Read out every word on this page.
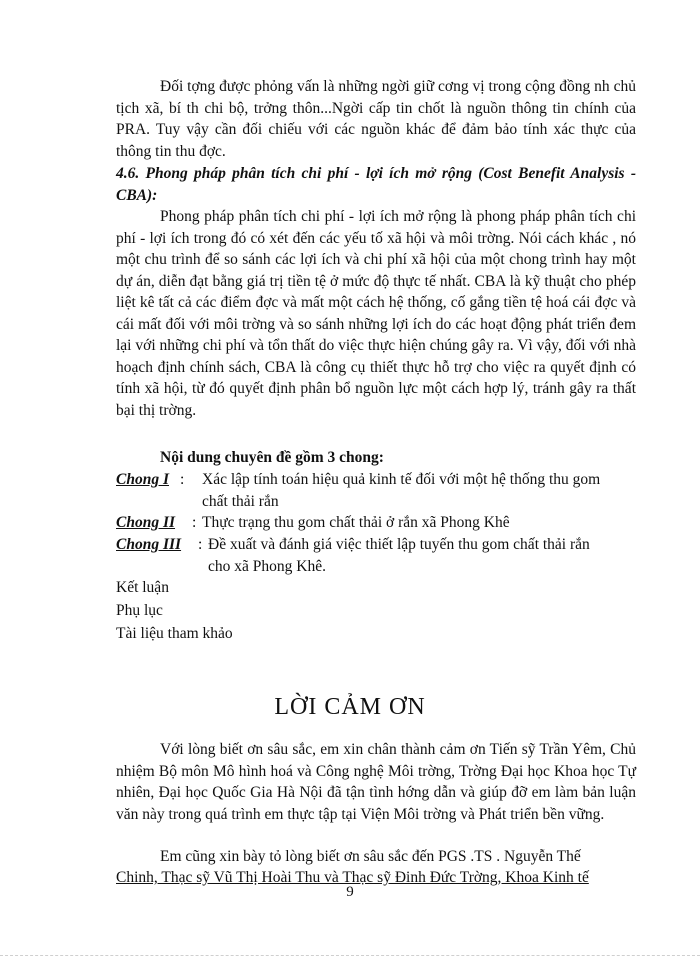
Đối tợng được phỏng vấn là những ngời giữ cơng vị trong cộng đồng nh chủ tịch xã, bí th chi bộ, trởng thôn...Ngời cấp tin chốt là nguồn thông tin chính của PRA. Tuy vậy cần đối chiếu với các nguồn khác để đảm bảo tính xác thực của thông tin thu đợc.

4.6. Phong pháp phân tích chi phí - lợi ích mở rộng (Cost Benefit Analysis - CBA):

Phong pháp phân tích chi phí - lợi ích mở rộng là phong pháp phân tích chi phí - lợi ích trong đó có xét đến các yếu tố xã hội và môi trờng. Nói cách khác , nó một chu trình để so sánh các lợi ích và chi phí xã hội của một chong trình hay một dự án, diễn đạt bằng giá trị tiền tệ ở mức độ thực tế nhất. CBA là kỹ thuật cho phép liệt kê tất cả các điểm đợc và mất một cách hệ thống, cố gắng tiền tệ hoá cái đợc và cái mất đối với môi trờng và so sánh những lợi ích do các hoạt động phát triển đem lại với những chi phí và tổn thất do việc thực hiện chúng gây ra. Vì vậy, đối với nhà hoạch định chính sách, CBA là công cụ thiết thực hỗ trợ cho việc ra quyết định có tính xã hội, từ đó quyết định phân bổ nguồn lực một cách hợp lý, tránh gây ra thất bại thị trờng.

Nội dung chuyên đề gồm 3 chong:

Chong I : Xác lập tính toán hiệu quả kinh tế đối với một hệ thống thu gom
chất thải rắn
Chong II : Thực trạng thu gom chất thải ở rắn xã Phong Khê
Chong III : Đề xuất và đánh giá việc thiết lập tuyến thu gom chất thải rắn
cho xã Phong Khê.
Kết luận
Phụ lục
Tài liệu tham khảo
LỜI CẢM ƠN

Với lòng biết ơn sâu sắc, em xin chân thành cảm ơn Tiến sỹ Trần Yêm, Chủ nhiệm Bộ môn Mô hình hoá và Công nghệ Môi trờng, Trờng Đại học Khoa học Tự nhiên, Đại học Quốc Gia Hà Nội đã tận tình hớng dẫn và giúp đỡ em làm bản luận văn này trong quá trình em thực tập tại Viện Môi trờng và Phát triển bền vững.

Em cũng xin bày tỏ lòng biết ơn sâu sắc đến PGS .TS . Nguyễn Thế
Chinh, Thạc sỹ Vũ Thị Hoài Thu và Thạc sỹ Đinh Đức Trờng, Khoa Kinh tế
9
